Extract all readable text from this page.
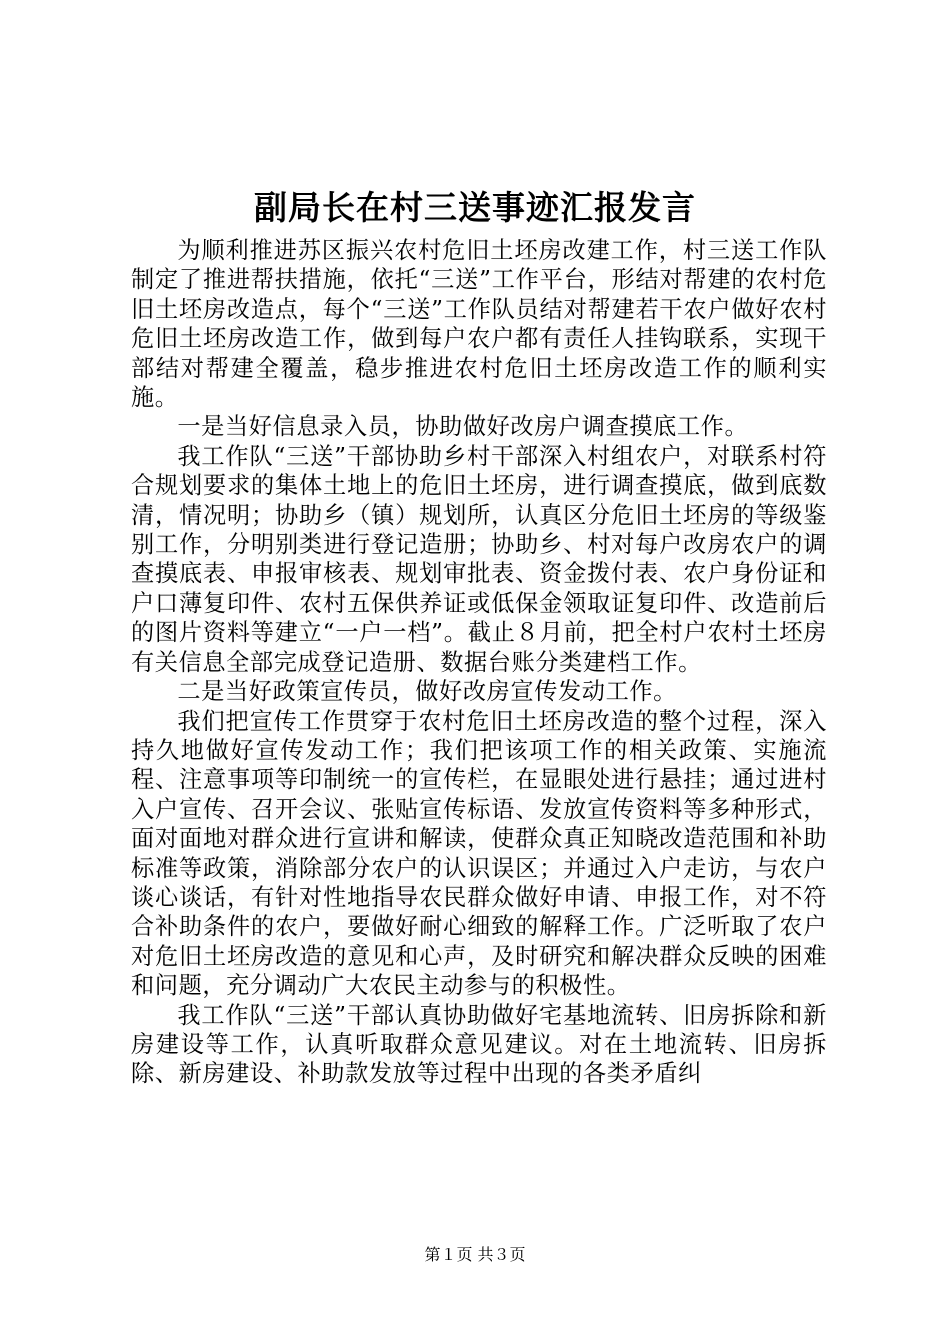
副局长在村三送事迹汇报发言

为顺利推进苏区振兴农村危旧土坯房改建工作，村三送工作队制定了推进帮扶措施，依托“三送”工作平台，形结对帮建的农村危旧土坯房改造点，每个“三送”工作队员结对帮建若干农户做好农村危旧土坯房改造工作，做到每户农户都有责任人挂钩联系，实现干部结对帮建全覆盖，稳步推进农村危旧土坯房改造工作的顺利实施。

一是当好信息录入员，协助做好改房户调查摸底工作。

我工作队“三送”干部协助乡村干部深入村组农户，对联系村符合规划要求的集体土地上的危旧土坯房，进行调查摸底，做到底数清，情况明；协助乡（镇）规划所，认真区分危旧土坯房的等级鉴别工作，分明别类进行登记造册；协助乡、村对每户改房农户的调查摸底表、申报审核表、规划审批表、资金拨付表、农户身份证和户口薄复印件、农村五保供养证或低保金领取证复印件、改造前后的图片资料等建立“一户一档”。截止８月前，把全村户农村土坯房有关信息全部完成登记造册、数据台账分类建档工作。

二是当好政策宣传员，做好改房宣传发动工作。

我们把宣传工作贯穿于农村危旧土坯房改造的整个过程，深入持久地做好宣传发动工作；我们把该项工作的相关政策、实施流程、注意事项等印制统一的宣传栏，在显眼处进行悬挂；通过进村入户宣传、召开会议、张贴宣传标语、发放宣传资料等多种形式，面对面地对群众进行宣讲和解读，使群众真正知晓改造范围和补助标准等政策，消除部分农户的认识误区；并通过入户走访，与农户谈心谈话，有针对性地指导农民群众做好申请、申报工作，对不符合补助条件的农户，要做好耐心细致的解释工作。广泛听取了农户对危旧土坯房改造的意见和心声，及时研究和解决群众反映的困难和问题，充分调动广大农民主动参与的积极性。

我工作队“三送”干部认真协助做好宅基地流转、旧房拆除和新房建设等工作，认真听取群众意见建议。对在土地流转、旧房拆除、新房建设、补助款发放等过程中出现的各类矛盾纠

第１页 共３页
